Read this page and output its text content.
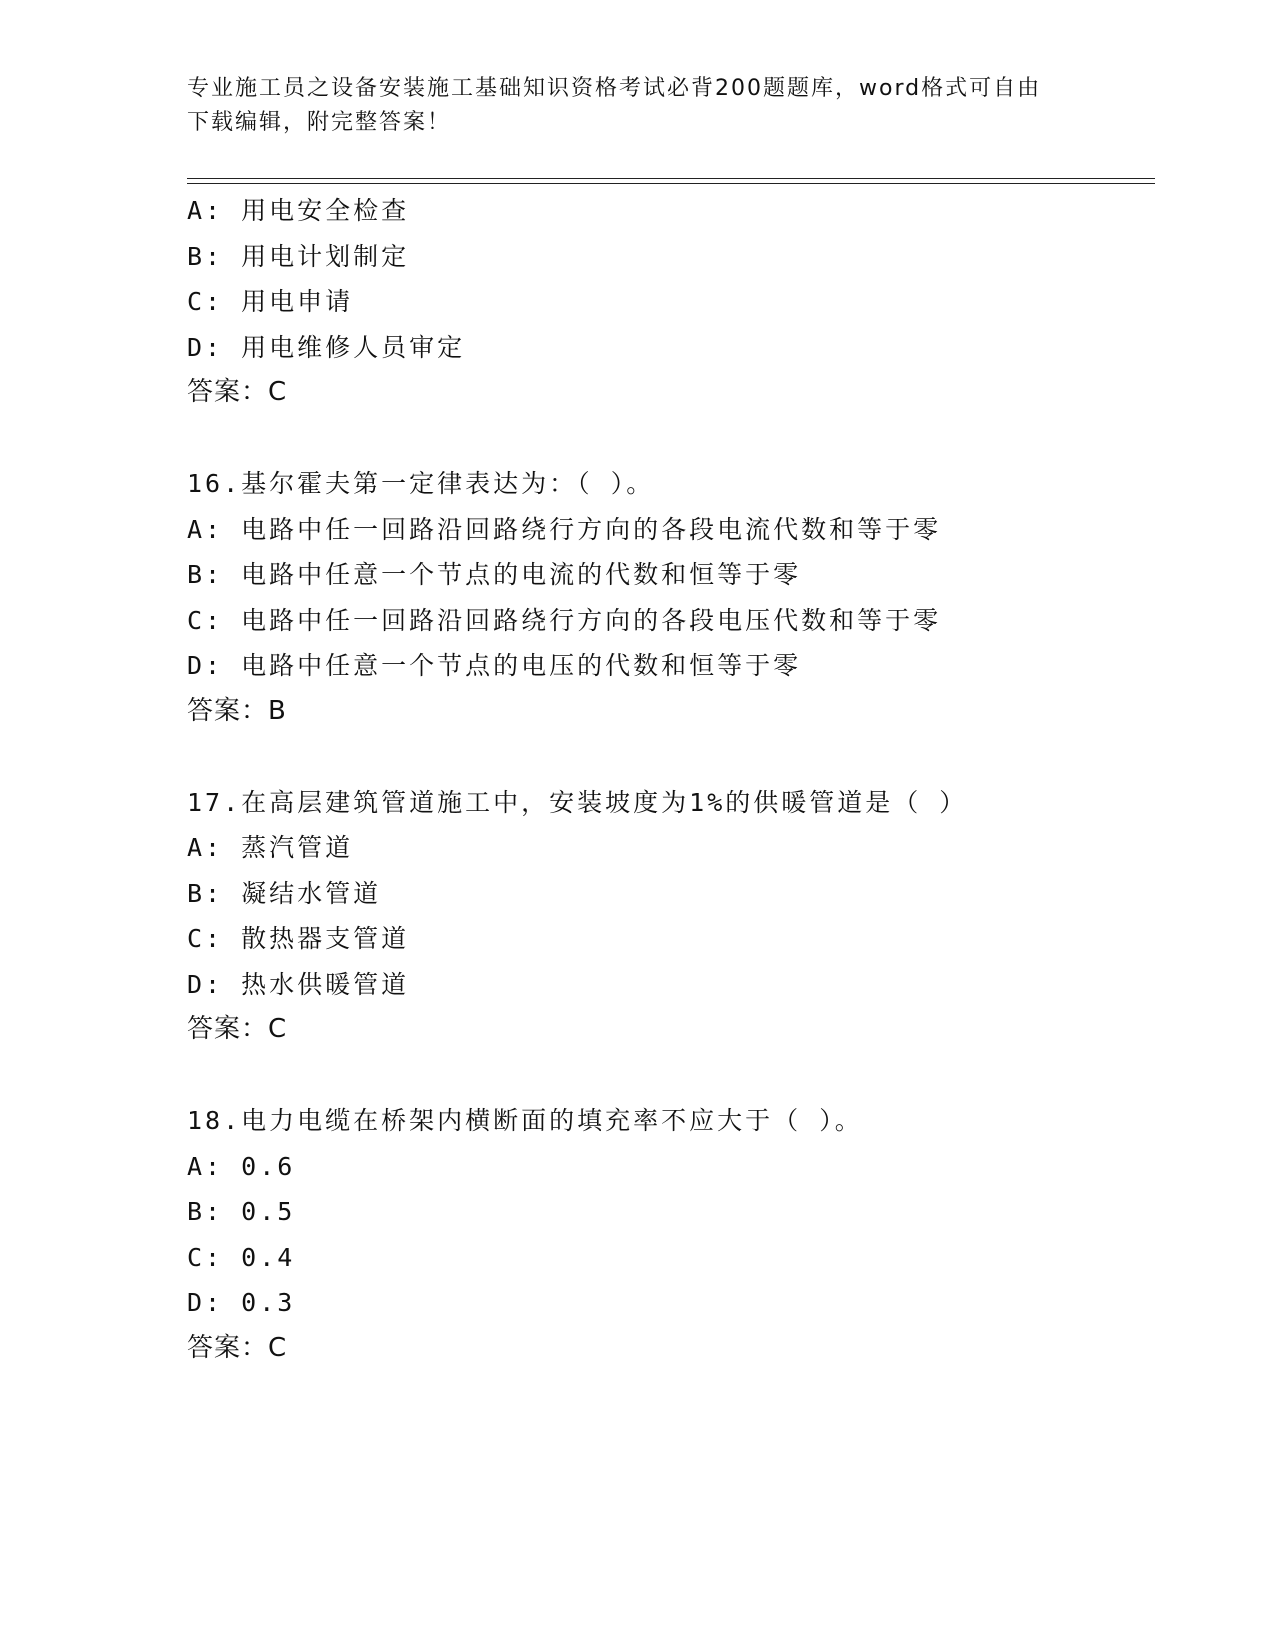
专业施工员之设备安装施工基础知识资格考试必背200题题库，word格式可自由
下载编辑，附完整答案！
A: 用电安全检查
B: 用电计划制定
C: 用电申请
D: 用电维修人员审定
答案：C
16.基尔霍夫第一定律表达为：（ ）。
A: 电路中任一回路沿回路绕行方向的各段电流代数和等于零
B: 电路中任意一个节点的电流的代数和恒等于零
C: 电路中任一回路沿回路绕行方向的各段电压代数和等于零
D: 电路中任意一个节点的电压的代数和恒等于零
答案：B
17.在高层建筑管道施工中，安装坡度为1%的供暖管道是（ ）
A: 蒸汽管道
B: 凝结水管道
C: 散热器支管道
D: 热水供暖管道
答案：C
18.电力电缆在桥架内横断面的填充率不应大于（ ）。
A: 0.6
B: 0.5
C: 0.4
D: 0.3
答案：C
